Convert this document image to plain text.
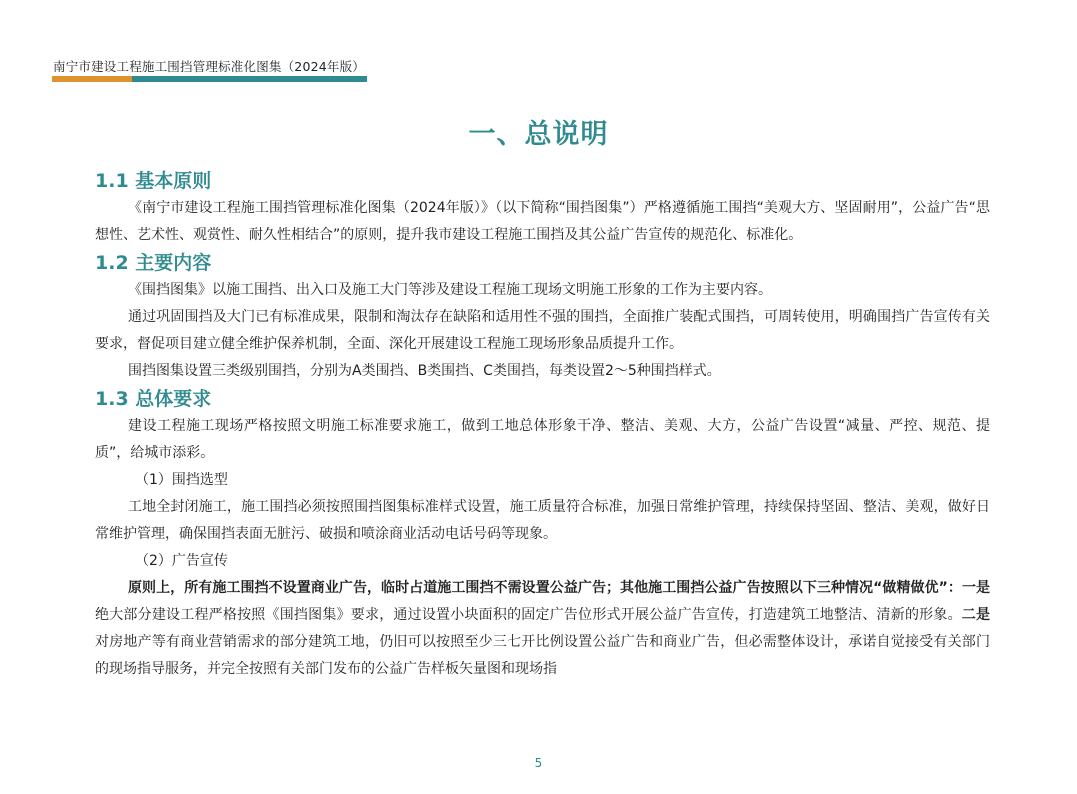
南宁市建设工程施工围挡管理标准化图集（2024年版）
一、总说明
1.1 基本原则

《南宁市建设工程施工围挡管理标准化图集（2024年版）》（以下简称“围挡图集”）严格遵循施工围挡“美观大方、坚固耐用”，公益广告“思想性、艺术性、观赏性、耐久性相结合”的原则，提升我市建设工程施工围挡及其公益广告宣传的规范化、标准化。

1.2 主要内容

《围挡图集》以施工围挡、出入口及施工大门等涉及建设工程施工现场文明施工形象的工作为主要内容。

通过巩固围挡及大门已有标准成果，限制和淘汰存在缺陷和适用性不强的围挡，全面推广装配式围挡，可周转使用，明确围挡广告宣传有关要求，督促项目建立健全维护保养机制，全面、深化开展建设工程施工现场形象品质提升工作。

围挡图集设置三类级别围挡，分别为A类围挡、B类围挡、C类围挡，每类设置2～5种围挡样式。

1.3 总体要求

建设工程施工现场严格按照文明施工标准要求施工，做到工地总体形象干净、整洁、美观、大方，公益广告设置“减量、严控、规范、提质”，给城市添彩。

（1）围挡选型

工地全封闭施工，施工围挡必须按照围挡图集标准样式设置，施工质量符合标准，加强日常维护管理，持续保持坚固、整洁、美观，做好日常维护管理，确保围挡表面无脏污、破损和喷涂商业活动电话号码等现象。

（2）广告宣传

原则上，所有施工围挡不设置商业广告，临时占道施工围挡不需设置公益广告；其他施工围挡公益广告按照以下三种情况“做精做优”：一是绝大部分建设工程严格按照《围挡图集》要求，通过设置小块面积的固定广告位形式开展公益广告宣传，打造建筑工地整洁、清新的形象。二是对房地产等有商业营销需求的部分建筑工地，仍旧可以按照至少三七开比例设置公益广告和商业广告，但必需整体设计，承诺自觉接受有关部门的现场指导服务，并完全按照有关部门发布的公益广告样板矢量图和现场指

5
